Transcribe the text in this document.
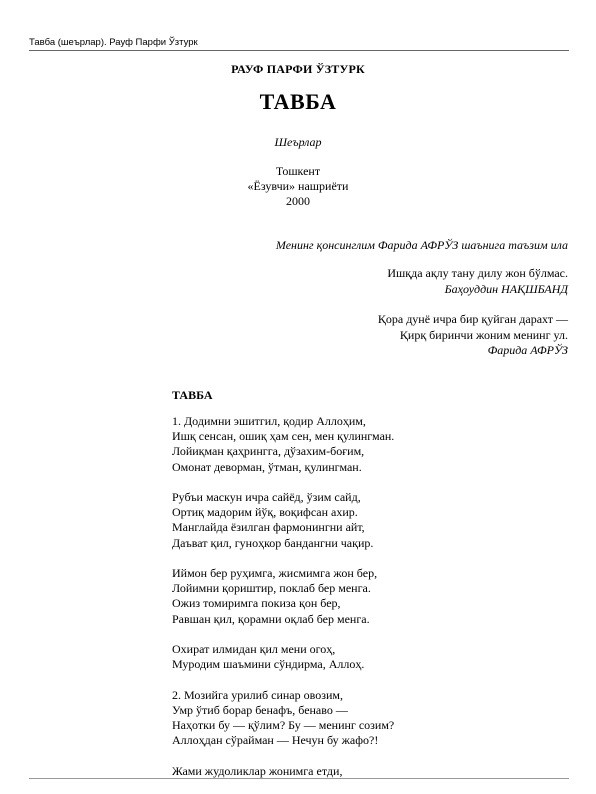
Тавба (шеърлар). Рауф Парфи Ўзтурк
РАУФ ПАРФИ ЎЗТУРК
ТАВБА
Шеърлар
Тошкент
«Ёзувчи» нашриёти
2000
Менинг қонсинглим Фарида АФРЎЗ шаънига таъзим ила
Ишқда ақлу тану дилу жон бўлмас.
Баҳоуддин НАҚШБАНД
Қора дунё ичра бир қуйган дарахт —
Қирқ биринчи жоним менинг ул.
Фарида АФРЎЗ
ТАВБА
1. Додимни эшитгил, қодир Аллоҳим,
Ишқ сенсан, ошиқ ҳам сен, мен қулингман.
Лойиқман қаҳрингга, дўзахим-боғим,
Омонат деворман, ўтман, қулингман.
Рубъи маскун ичра сайёд, ўзим сайд,
Ортиқ мадорим йўқ, воқифсан ахир.
Манглайда ёзилган фармонингни айт,
Даъват қил, гуноҳкор бандангни чақир.
Иймон бер руҳимга, жисмимга жон бер,
Лойимни қориштир, поклаб бер менга.
Ожиз томиримга покиза қон бер,
Равшан қил, қорамни оқлаб бер менга.
Охират илмидан қил мени огоҳ,
Муродим шаъмини сўндирма, Аллоҳ.
2. Мозийга урилиб синар овозим,
Умр ўтиб борар бенафъ, бенаво —
Наҳотки бу — қўлим? Бу — менинг созим?
Аллоҳдан сўрайман — Нечун бу жафо?!
Жами жудоликлар жонимга етди,
